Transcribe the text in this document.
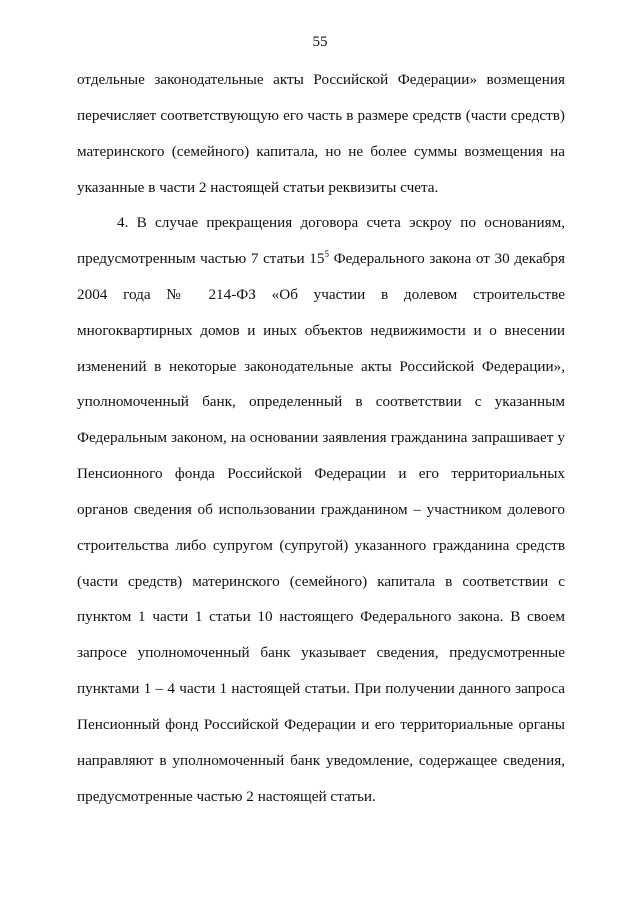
55
отдельные законодательные акты Российской Федерации» возмещения
перечисляет соответствующую его часть в размере средств (части средств)
материнского (семейного) капитала, но не более суммы возмещения на
указанные в части 2 настоящей статьи реквизиты счета.
4. В случае прекращения договора счета эскроу по основаниям,
предусмотренным частью 7 статьи $15^5$ Федерального закона от 30 декабря
2004 года № 214-ФЗ «Об участии в долевом строительстве
многоквартирных домов и иных объектов недвижимости и о внесении
изменений в некоторые законодательные акты Российской Федерации»,
уполномоченный банк, определенный в соответствии с указанным
Федеральным законом, на основании заявления гражданина запрашивает у
Пенсионного фонда Российской Федерации и его территориальных
органов сведения об использовании гражданином – участником долевого
строительства либо супругом (супругой) указанного гражданина средств
(части средств) материнского (семейного) капитала в соответствии с
пунктом 1 части 1 статьи 10 настоящего Федерального закона. В своем
запросе уполномоченный банк указывает сведения, предусмотренные
пунктами 1 – 4 части 1 настоящей статьи. При получении данного запроса
Пенсионный фонд Российской Федерации и его территориальные органы
направляют в уполномоченный банк уведомление, содержащее сведения,
предусмотренные частью 2 настоящей статьи.
